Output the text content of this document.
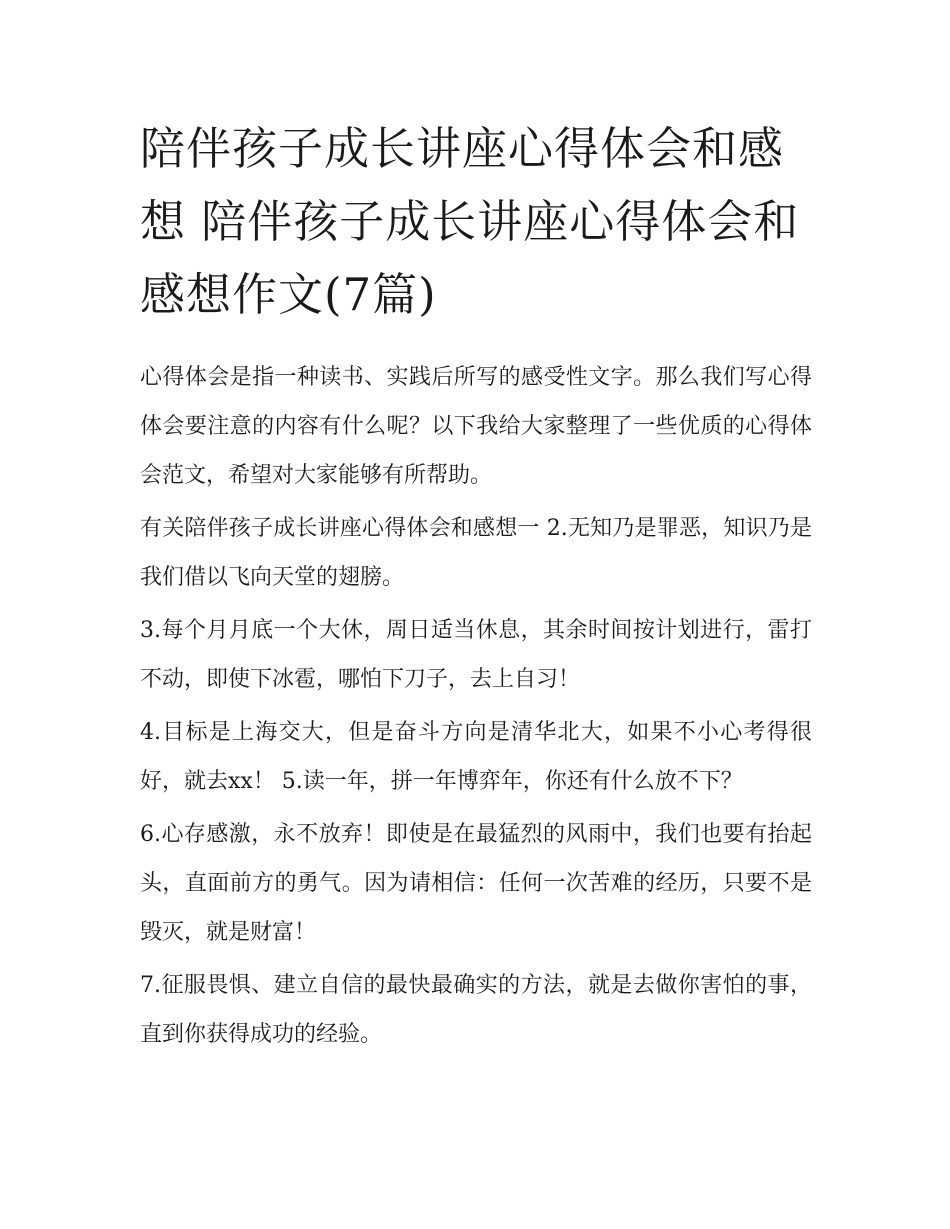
陪伴孩子成长讲座心得体会和感想 陪伴孩子成长讲座心得体会和感想作文(7篇)

心得体会是指一种读书、实践后所写的感受性文字。那么我们写心得体会要注意的内容有什么呢？以下我给大家整理了一些优质的心得体会范文，希望对大家能够有所帮助。

有关陪伴孩子成长讲座心得体会和感想一 2.无知乃是罪恶，知识乃是我们借以飞向天堂的翅膀。

3.每个月月底一个大休，周日适当休息，其余时间按计划进行，雷打不动，即使下冰雹，哪怕下刀子，去上自习！

4.目标是上海交大，但是奋斗方向是清华北大，如果不小心考得很好，就去xx！ 5.读一年，拼一年博弈年，你还有什么放不下？

6.心存感激，永不放弃！即使是在最猛烈的风雨中，我们也要有抬起头，直面前方的勇气。因为请相信：任何一次苦难的经历，只要不是毁灭，就是财富！

7.征服畏惧、建立自信的最快最确实的方法，就是去做你害怕的事，直到你获得成功的经验。
